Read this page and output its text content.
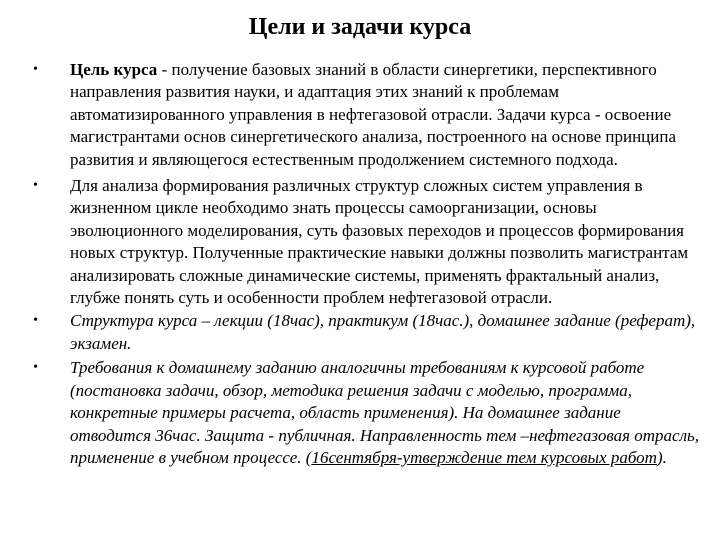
Цели и задачи курса
• Цель курса - получение базовых знаний в области синергетики, перспективного направления развития науки, и адаптация этих знаний к проблемам автоматизированного управления в нефтегазовой отрасли. Задачи курса - освоение магистрантами основ синергетического анализа, построенного на основе принципа развития и являющегося естественным продолжением системного подхода.
• Для анализа формирования различных структур сложных систем управления в жизненном цикле необходимо знать процессы самоорганизации, основы эволюционного моделирования, суть фазовых переходов и процессов формирования новых структур. Полученные практические навыки должны позволить магистрантам анализировать сложные динамические системы, применять фрактальный анализ, глубже понять суть и особенности проблем нефтегазовой отрасли.
• Структура курса – лекции (18час), практикум (18час.), домашнее задание (реферат), экзамен.
• Требования к домашнему заданию аналогичны требованиям к курсовой работе (постановка задачи, обзор, методика решения задачи с моделью, программа, конкретные примеры расчета, область применения). На домашнее задание отводится 36час. Защита - публичная. Направленность тем –нефтегазовая отрасль, применение в учебном процессе. (16сентября-утверждение тем курсовых работ).
